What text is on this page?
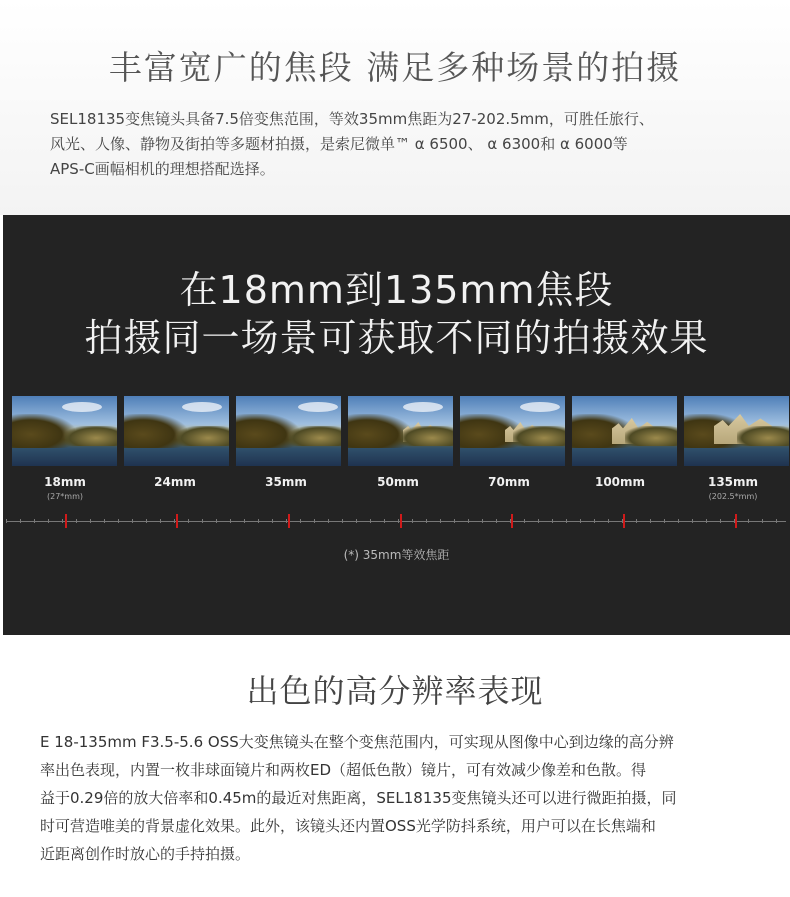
丰富宽广的焦段 满足多种场景的拍摄
SEL18135变焦镜头具备7.5倍变焦范围，等效35mm焦距为27-202.5mm，可胜任旅行、
风光、人像、静物及街拍等多题材拍摄，是索尼微单™ α 6500、 α 6300和 α 6000等
APS-C画幅相机的理想搭配选择。
在18mm到135mm焦段
拍摄同一场景可获取不同的拍摄效果
18mm
(27*mm)
24mm	35mm	50mm	70mm	100mm	135mm
(202.5*mm)
(*) 35mm等效焦距
出色的高分辨率表现
E 18-135mm F3.5-5.6 OSS大变焦镜头在整个变焦范围内，可实现从图像中心到边缘的高分辨
率出色表现，内置一枚非球面镜片和两枚ED（超低色散）镜片，可有效减少像差和色散。得
益于0.29倍的放大倍率和0.45m的最近对焦距离，SEL18135变焦镜头还可以进行微距拍摄，同
时可营造唯美的背景虚化效果。此外，该镜头还内置OSS光学防抖系统，用户可以在长焦端和
近距离创作时放心的手持拍摄。
